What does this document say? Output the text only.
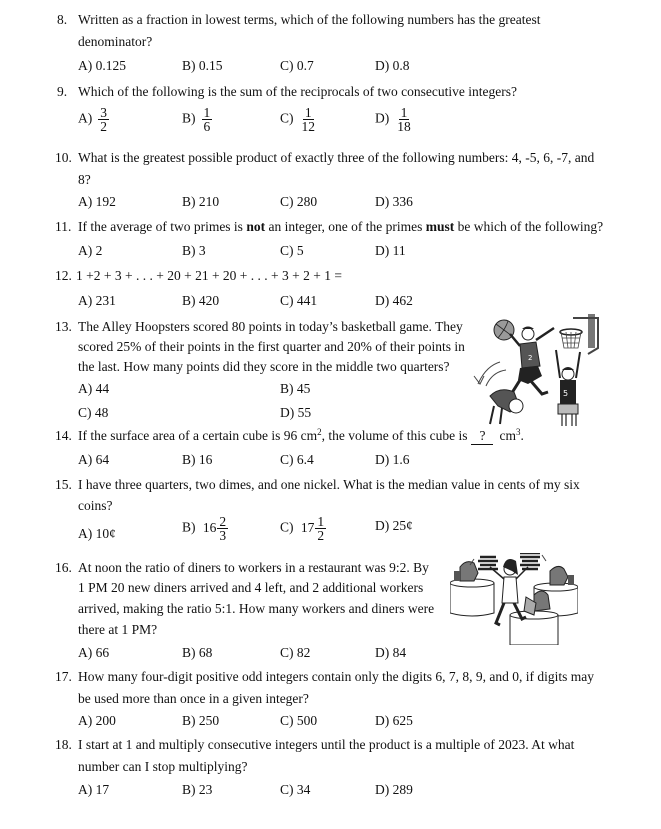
8. Written as a fraction in lowest terms, which of the following numbers has the greatest
denominator?
A) 0.125	B) 0.15	C) 0.7	D) 0.8
9. Which of the following is the sum of the reciprocals of two consecutive integers?
$A) \frac{3}{2}$	$B) \frac{1}{6}$	$C) \frac{1}{12}$	$D) \frac{1}{18}$
10. What is the greatest possible product of exactly three of the following numbers: 4, -5, 6, -7, and
8?
A) 192	B) 210	C) 280	D) 336
11. If the average of two primes is not an integer, one of the primes must be which of the following?
A) 2	B) 3	C) 5	D) 11
12. 1 +2 + 3 + . . . + 20 + 21 + 20 + . . . + 3 + 2 + 1 =
A) 231	B) 420	C) 441	D) 462
13. The Alley Hoopsters scored 80 points in today’s basketball game. They
scored 25% of their points in the first quarter and 20% of their points in
the last. How many points did they score in the middle two quarters?
A) 44	B) 45
C) 48	D) 55
2
5
14. If the surface area of a certain cube is 96 $cm^2$, the volume of this cube is ? $cm^3$.
A) 64	B) 16	C) 6.4	D) 1.6
15. I have three quarters, two dimes, and one nickel. What is the median value in cents of my six
coins?
A) 10¢	B) $16 \frac{2}{3}$	C) $17 \frac{1}{2}$	D) 25¢
16. At noon the ratio of diners to workers in a restaurant was 9:2. By
1 PM 20 new diners arrived and 4 left, and 2 additional workers
arrived, making the ratio 5:1. How many workers and diners were
there at 1 PM?
A) 66	B) 68	C) 82	D) 84
17. How many four-digit positive odd integers contain only the digits 6, 7, 8, 9, and 0, if digits may
be used more than once in a given integer?
A) 200	B) 250	C) 500	D) 625
18. I start at 1 and multiply consecutive integers until the product is a multiple of 2023. At what
number can I stop multiplying?
A) 17	B) 23	C) 34	D) 289
